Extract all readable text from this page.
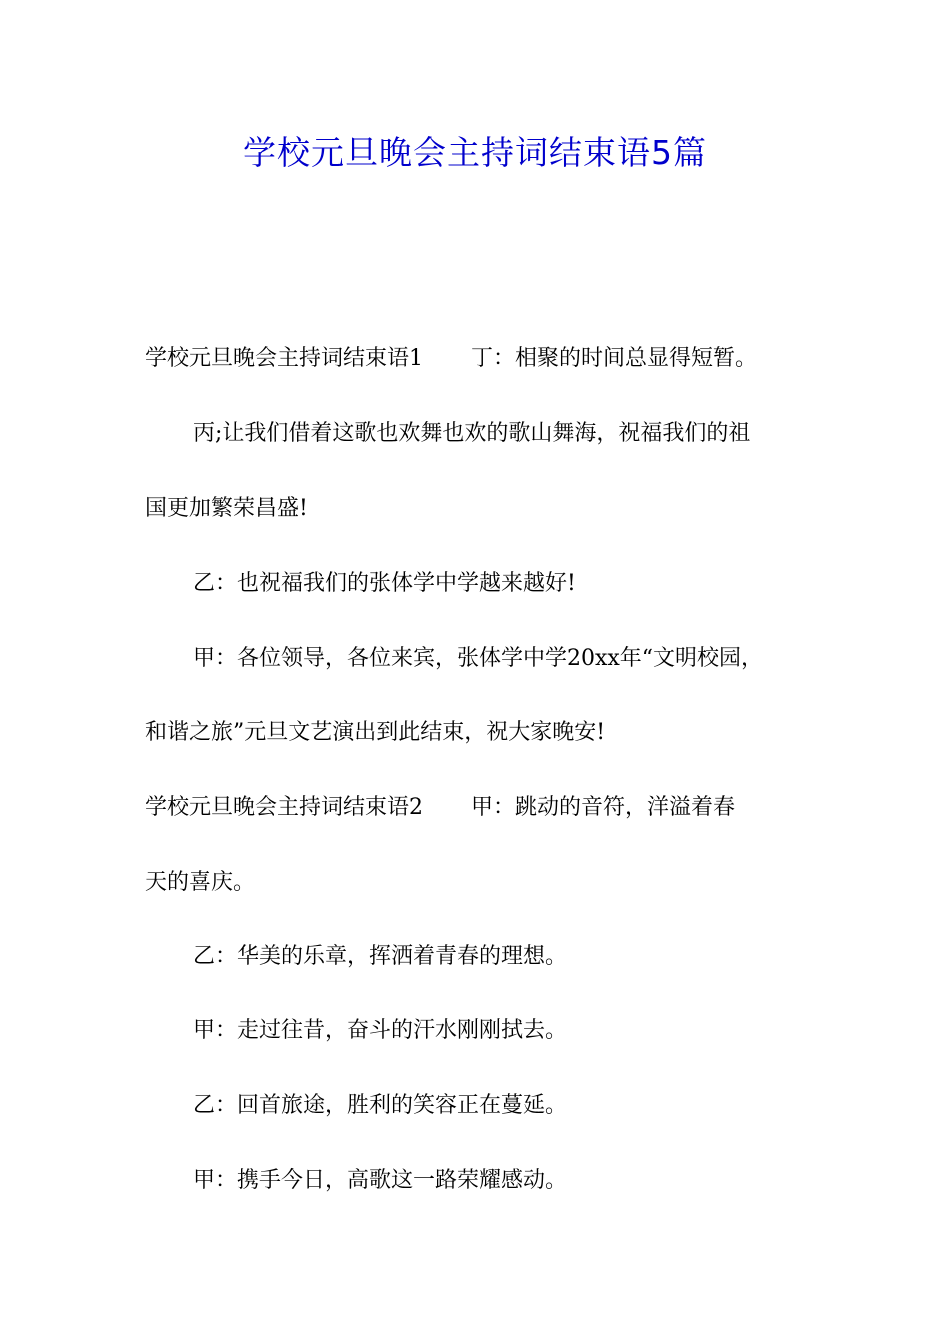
学校元旦晚会主持词结束语5篇

学校元旦晚会主持词结束语1 丁：相聚的时间总显得短暂。

丙;让我们借着这歌也欢舞也欢的歌山舞海，祝福我们的祖

国更加繁荣昌盛!

乙：也祝福我们的张体学中学越来越好!

甲：各位领导，各位来宾，张体学中学20xx年“文明校园，

和谐之旅”元旦文艺演出到此结束，祝大家晚安!

学校元旦晚会主持词结束语2 甲：跳动的音符，洋溢着春

天的喜庆。

乙：华美的乐章，挥洒着青春的理想。

甲：走过往昔，奋斗的汗水刚刚拭去。

乙：回首旅途，胜利的笑容正在蔓延。

甲：携手今日，高歌这一路荣耀感动。
